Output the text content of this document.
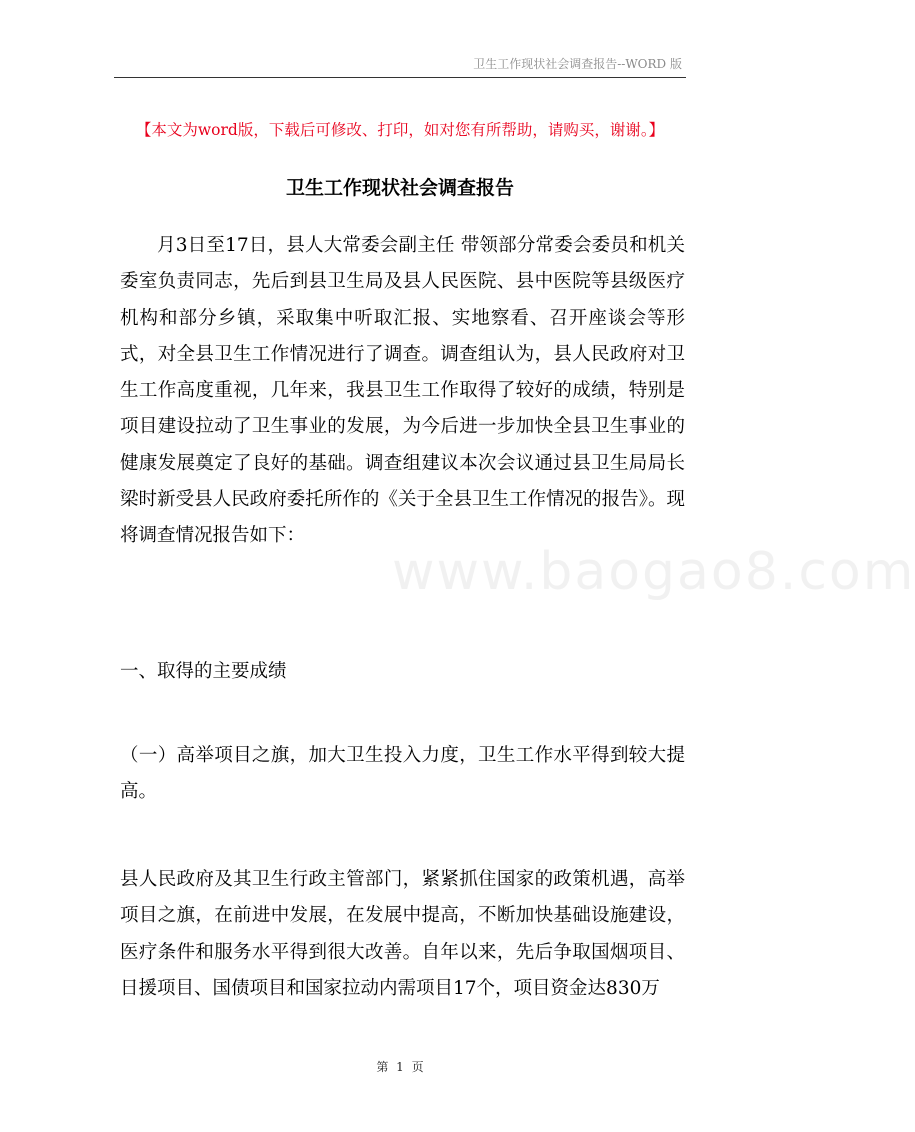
卫生工作现状社会调查报告--WORD 版
【本文为word版，下载后可修改、打印，如对您有所帮助，请购买，谢谢。】
卫生工作现状社会调查报告
月3日至17日，县人大常委会副主任 带领部分常委会委员和机关委室负责同志，先后到县卫生局及县人民医院、县中医院等县级医疗机构和部分乡镇，采取集中听取汇报、实地察看、召开座谈会等形式，对全县卫生工作情况进行了调查。调查组认为，县人民政府对卫生工作高度重视，几年来，我县卫生工作取得了较好的成绩，特别是项目建设拉动了卫生事业的发展，为今后进一步加快全县卫生事业的健康发展奠定了良好的基础。调查组建议本次会议通过县卫生局局长梁时新受县人民政府委托所作的《关于全县卫生工作情况的报告》。现将调查情况报告如下：
www.baogao8.com
一、取得的主要成绩
（一）高举项目之旗，加大卫生投入力度，卫生工作水平得到较大提高。
县人民政府及其卫生行政主管部门，紧紧抓住国家的政策机遇，高举项目之旗，在前进中发展，在发展中提高，不断加快基础设施建设，医疗条件和服务水平得到很大改善。自年以来，先后争取国烟项目、日援项目、国债项目和国家拉动内需项目17个，项目资金达830万
第 1 页
